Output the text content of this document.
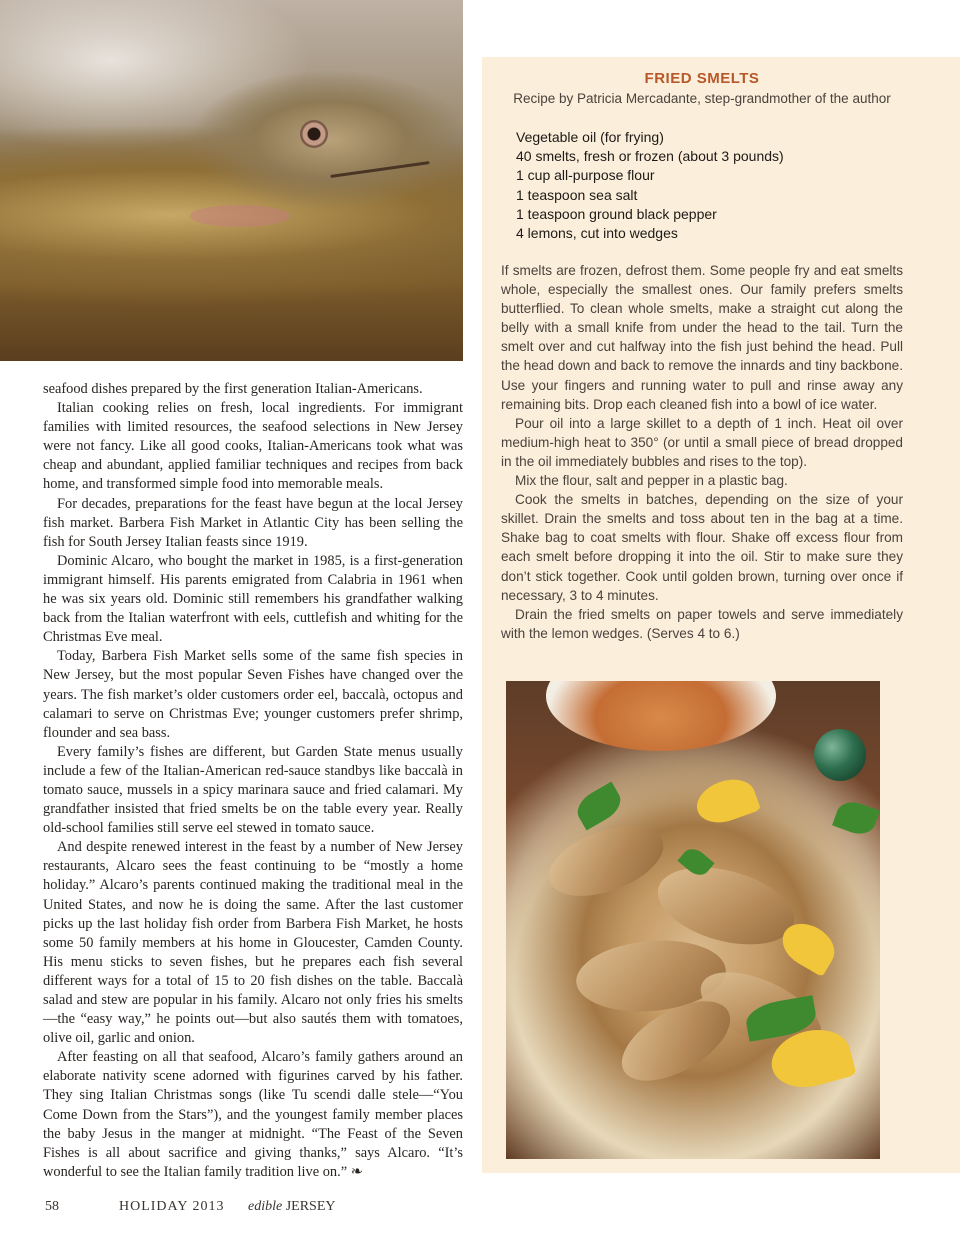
seafood dishes prepared by the first generation Italian-Americans.

Italian cooking relies on fresh, local ingredients. For immigrant families with limited resources, the seafood selections in New Jersey were not fancy. Like all good cooks, Italian-Americans took what was cheap and abundant, applied familiar techniques and recipes from back home, and transformed simple food into memorable meals.

For decades, preparations for the feast have begun at the local Jersey fish market. Barbera Fish Market in Atlantic City has been selling the fish for South Jersey Italian feasts since 1919.

Dominic Alcaro, who bought the market in 1985, is a first-generation immigrant himself. His parents emigrated from Calabria in 1961 when he was six years old. Dominic still remembers his grandfather walking back from the Italian waterfront with eels, cuttlefish and whiting for the Christmas Eve meal.

Today, Barbera Fish Market sells some of the same fish species in New Jersey, but the most popular Seven Fishes have changed over the years. The fish market’s older customers order eel, baccalà, octopus and calamari to serve on Christmas Eve; younger customers prefer shrimp, flounder and sea bass.

Every family’s fishes are different, but Garden State menus usually include a few of the Italian-American red-sauce standbys like baccalà in tomato sauce, mussels in a spicy marinara sauce and fried calamari. My grandfather insisted that fried smelts be on the table every year. Really old-school families still serve eel stewed in tomato sauce.

And despite renewed interest in the feast by a number of New Jersey restaurants, Alcaro sees the feast continuing to be “mostly a home holiday.” Alcaro’s parents continued making the traditional meal in the United States, and now he is doing the same. After the last customer picks up the last holiday fish order from Barbera Fish Market, he hosts some 50 family members at his home in Gloucester, Camden County. His menu sticks to seven fishes, but he prepares each fish several different ways for a total of 15 to 20 fish dishes on the table. Baccalà salad and stew are popular in his family. Alcaro not only fries his smelts—the “easy way,” he points out—but also sautés them with tomatoes, olive oil, garlic and onion.

After feasting on all that seafood, Alcaro’s family gathers around an elaborate nativity scene adorned with figurines carved by his father. They sing Italian Christmas songs (like Tu scendi dalle stele—“You Come Down from the Stars”), and the youngest family member places the baby Jesus in the manger at midnight. “The Feast of the Seven Fishes is all about sacrifice and giving thanks,” says Alcaro. “It’s wonderful to see the Italian family tradition live on.” ❧

FRIED SMELTS
Recipe by Patricia Mercadante, step-grandmother of the author
Vegetable oil (for frying)
40 smelts, fresh or frozen (about 3 pounds)
1 cup all-purpose flour
1 teaspoon sea salt
1 teaspoon ground black pepper
4 lemons, cut into wedges

If smelts are frozen, defrost them. Some people fry and eat smelts whole, especially the smallest ones. Our family prefers smelts butterflied. To clean whole smelts, make a straight cut along the belly with a small knife from under the head to the tail. Turn the smelt over and cut halfway into the fish just behind the head. Pull the head down and back to remove the innards and tiny backbone. Use your fingers and running water to pull and rinse away any remaining bits. Drop each cleaned fish into a bowl of ice water.

Pour oil into a large skillet to a depth of 1 inch. Heat oil over medium-high heat to 350° (or until a small piece of bread dropped in the oil immediately bubbles and rises to the top).

Mix the flour, salt and pepper in a plastic bag.

Cook the smelts in batches, depending on the size of your skillet. Drain the smelts and toss about ten in the bag at a time. Shake bag to coat smelts with flour. Shake off excess flour from each smelt before dropping it into the oil. Stir to make sure they don’t stick together. Cook until golden brown, turning over once if necessary, 3 to 4 minutes.

Drain the fried smelts on paper towels and serve immediately with the lemon wedges. (Serves 4 to 6.)

58	HOLIDAY 2013	edible JERSEY
